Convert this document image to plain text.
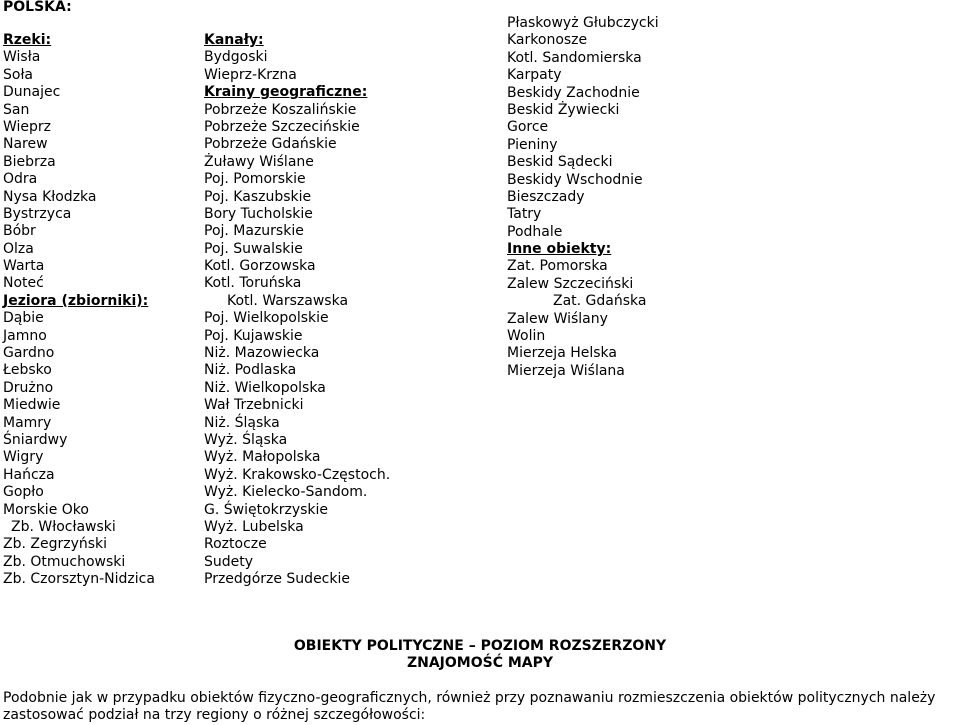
POLSKA:
Rzeki:
Wisła
Soła
Dunajec
San
Wieprz
Narew
Biebrza
Odra
Nysa Kłodzka
Bystrzyca
Bóbr
Olza
Warta
Noteć
Jeziora (zbiorniki):
Dąbie
Jamno
Gardno
Łebsko
Drużno
Miedwie
Mamry
Śniardwy
Wigry
Hańcza
Gopło
Morskie Oko
Zb. Włocławski
Zb. Zegrzyński
Zb. Otmuchowski
Zb. Czorsztyn-Nidzica
Kanały:
Bydgoski
Wieprz-Krzna
Krainy geograficzne:
Pobrzeże Koszalińskie
Pobrzeże Szczecińskie
Pobrzeże Gdańskie
Żuławy Wiślane
Poj. Pomorskie
Poj. Kaszubskie
Bory Tucholskie
Poj. Mazurskie
Poj. Suwalskie
Kotl. Gorzowska
Kotl. Toruńska
Kotl. Warszawska
Poj. Wielkopolskie
Poj. Kujawskie
Niż. Mazowiecka
Niż. Podlaska
Niż. Wielkopolska
Wał Trzebnicki
Niż. Śląska
Wyż. Śląska
Wyż. Małopolska
Wyż. Krakowsko-Częstoch.
Wyż. Kielecko-Sandom.
G. Świętokrzyskie
Wyż. Lubelska
Roztocze
Sudety
Przedgórze Sudeckie
Płaskowyż Głubczycki
Karkonosze
Kotl. Sandomierska
Karpaty
Beskidy Zachodnie
Beskid Żywiecki
Gorce
Pieniny
Beskid Sądecki
Beskidy Wschodnie
Bieszczady
Tatry
Podhale
Inne obiekty:
Zat. Pomorska
Zalew Szczeciński
Zat. Gdańska
Zalew Wiślany
Wolin
Mierzeja Helska
Mierzeja Wiślana
OBIEKTY POLITYCZNE – POZIOM ROZSZERZONY
ZNAJOMOŚĆ MAPY
Podobnie jak w przypadku obiektów fizyczno-geograficznych, również przy poznawaniu rozmieszczenia obiektów politycznych należy
zastosować podział na trzy regiony o różnej szczegółowości:
